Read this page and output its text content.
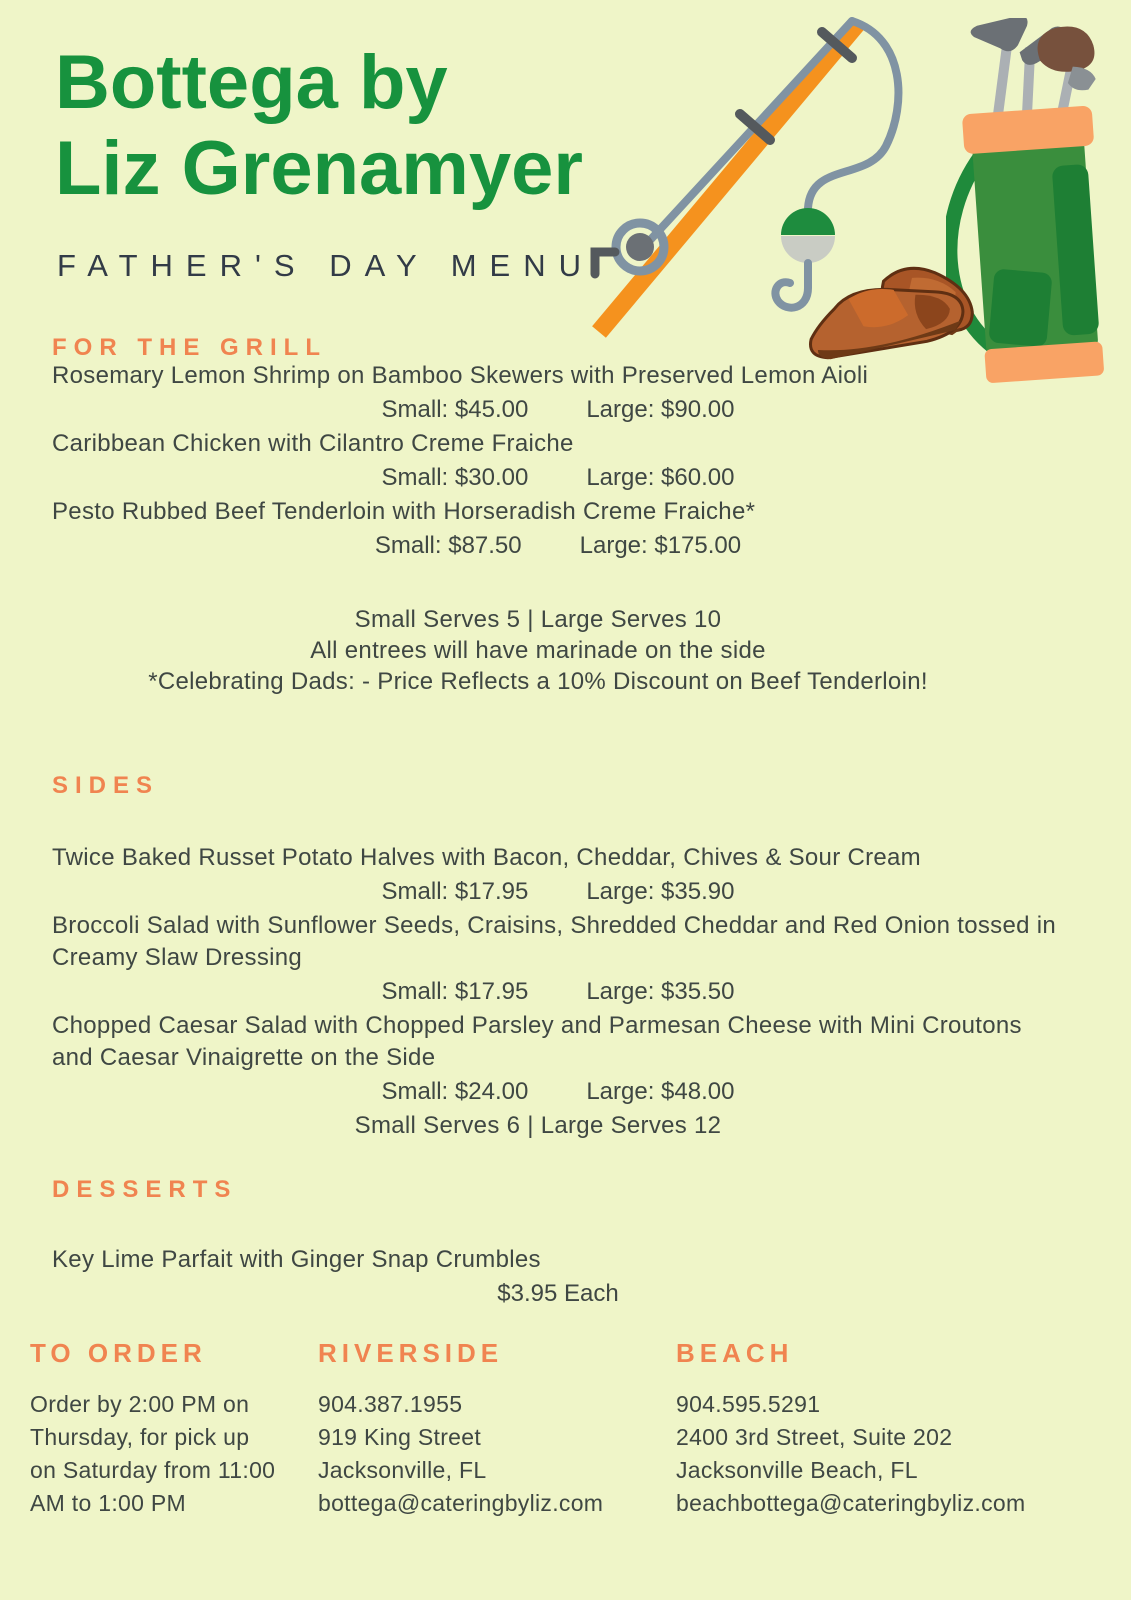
Bottega by
Liz Grenamyer
FATHER'S DAY MENU
FOR THE GRILL
Rosemary Lemon Shrimp on Bamboo Skewers with Preserved Lemon Aioli
Small: $45.00 Large: $90.00
Caribbean Chicken with Cilantro Creme Fraiche
Small: $30.00 Large: $60.00
Pesto Rubbed Beef Tenderloin with Horseradish Creme Fraiche*
Small: $87.50 Large: $175.00
Small Serves 5 | Large Serves 10
All entrees will have marinade on the side
*Celebrating Dads: - Price Reflects a 10% Discount on Beef Tenderloin!
SIDES
Twice Baked Russet Potato Halves with Bacon, Cheddar, Chives & Sour Cream
Small: $17.95 Large: $35.90
Broccoli Salad with Sunflower Seeds, Craisins, Shredded Cheddar and Red Onion tossed in Creamy Slaw Dressing
Small: $17.95 Large: $35.50
Chopped Caesar Salad with Chopped Parsley and Parmesan Cheese with Mini Croutons and Caesar Vinaigrette on the Side
Small: $24.00 Large: $48.00
Small Serves 6 | Large Serves 12
DESSERTS
Key Lime Parfait with Ginger Snap Crumbles
$3.95 Each
TO ORDER
Order by 2:00 PM on
Thursday, for pick up
on Saturday from 11:00
AM to 1:00 PM
RIVERSIDE
904.387.1955
919 King Street
Jacksonville, FL
bottega@cateringbyliz.com
BEACH
904.595.5291
2400 3rd Street, Suite 202
Jacksonville Beach, FL
beachbottega@cateringbyliz.com
